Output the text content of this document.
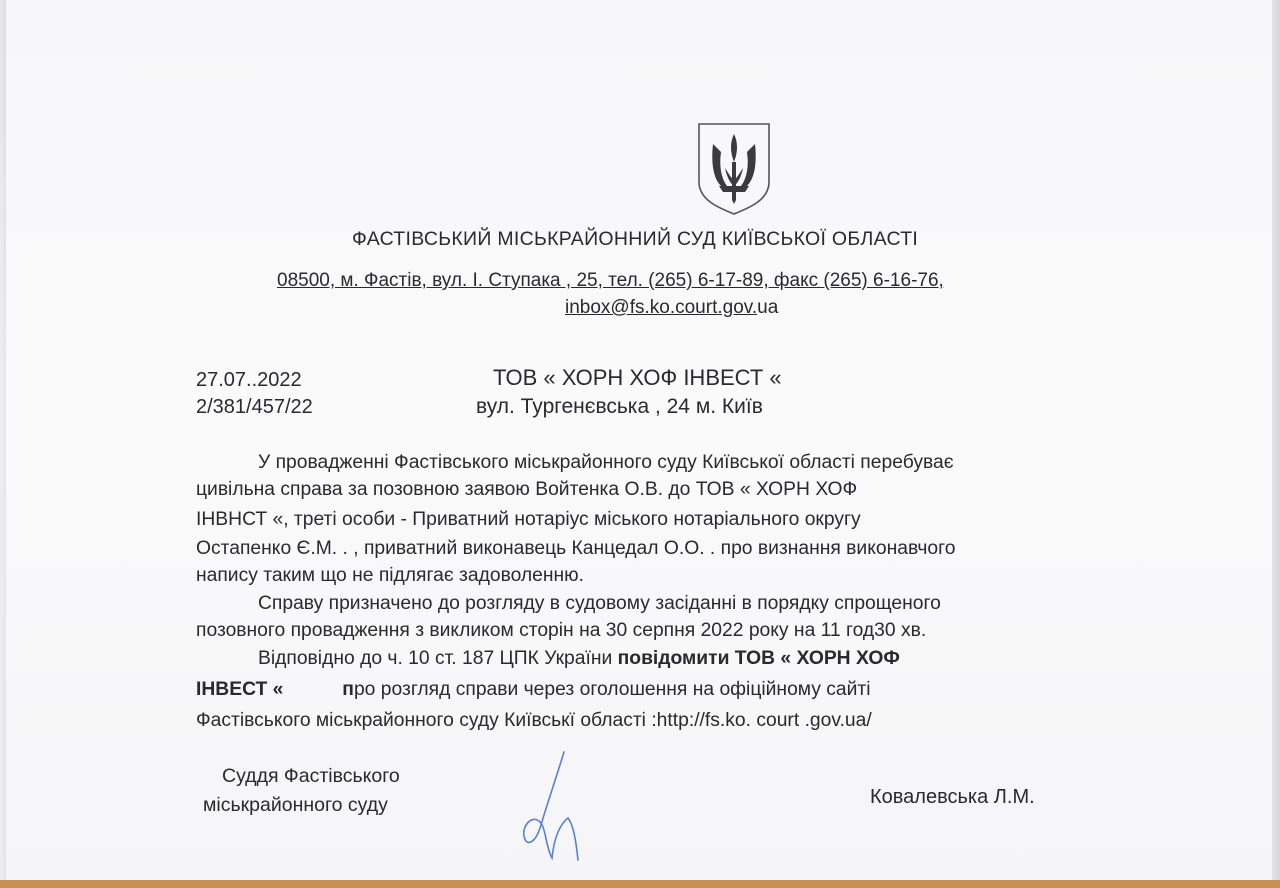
ФАСТІВСЬКИЙ МІСЬКРАЙОННИЙ СУД КИЇВСЬКОЇ ОБЛАСТІ
08500, м. Фастів, вул. І. Ступака , 25, тел. (265) 6-17-89, факс (265) 6-16-76,
inbox@fs.ko.court.gov.ua
27.07..2022
2/381/457/22
ТОВ « ХОРН ХОФ ІНВЕСТ «
вул. Тургенєвська , 24 м. Київ
У провадженні Фастівського міськрайонного суду Київської області перебуває
цивільна справа за позовною заявою Войтенка О.В. до ТОВ « ХОРН ХОФ
ІНВНСТ «, треті особи - Приватний нотаріус міського нотаріального округу
Остапенко Є.М. . , приватний виконавець Канцедал О.О. . про визнання виконавчого
напису таким що не підлягає задоволенню.
Справу призначено до розгляду в судовому засіданні в порядку спрощеного
позовного провадження з викликом сторін на 30 серпня 2022 року на 11 год30 хв.
Відповідно до ч. 10 ст. 187 ЦПК України повідомити ТОВ « ХОРН ХОФ
ІНВЕСТ «           про розгляд справи через оголошення на офіційному сайті
Фастівського міськрайонного суду Київськї області :http://fs.ko. court .gov.ua/
Суддя Фастівського
міськрайонного суду	Ковалевська Л.М.
